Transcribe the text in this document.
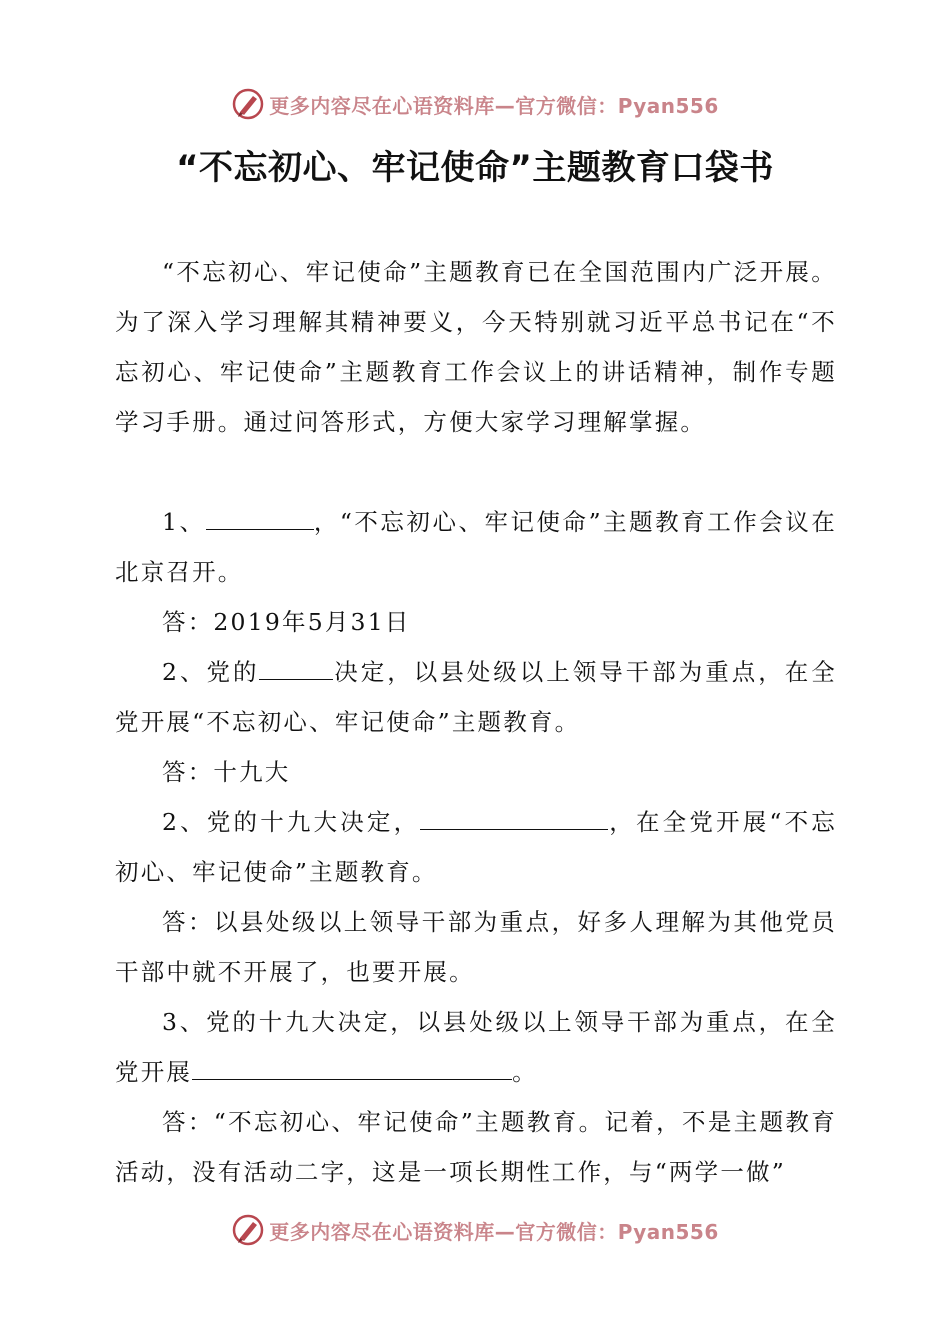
更多内容尽在心语资料库—官方微信：Pyan556
“不忘初心、牢记使命”主题教育口袋书

“不忘初心、牢记使命”主题教育已在全国范围内广泛开展。为了深入学习理解其精神要义，今天特别就习近平总书记在“不忘初心、牢记使命”主题教育工作会议上的讲话精神，制作专题学习手册。通过问答形式，方便大家学习理解掌握。

1、	，“不忘初心、牢记使命”主题教育工作会议在北京召开。

答：2019年5月31日

2、党的	决定，以县处级以上领导干部为重点，在全党开展“不忘初心、牢记使命”主题教育。

答：十九大

2、党的十九大决定，	，在全党开展“不忘初心、牢记使命”主题教育。

答：以县处级以上领导干部为重点，好多人理解为其他党员干部中就不开展了，也要开展。

3、党的十九大决定，以县处级以上领导干部为重点，在全党开展	。

答：“不忘初心、牢记使命”主题教育。记着，不是主题教育活动，没有活动二字，这是一项长期性工作，与“两学一做”

更多内容尽在心语资料库—官方微信：Pyan556
